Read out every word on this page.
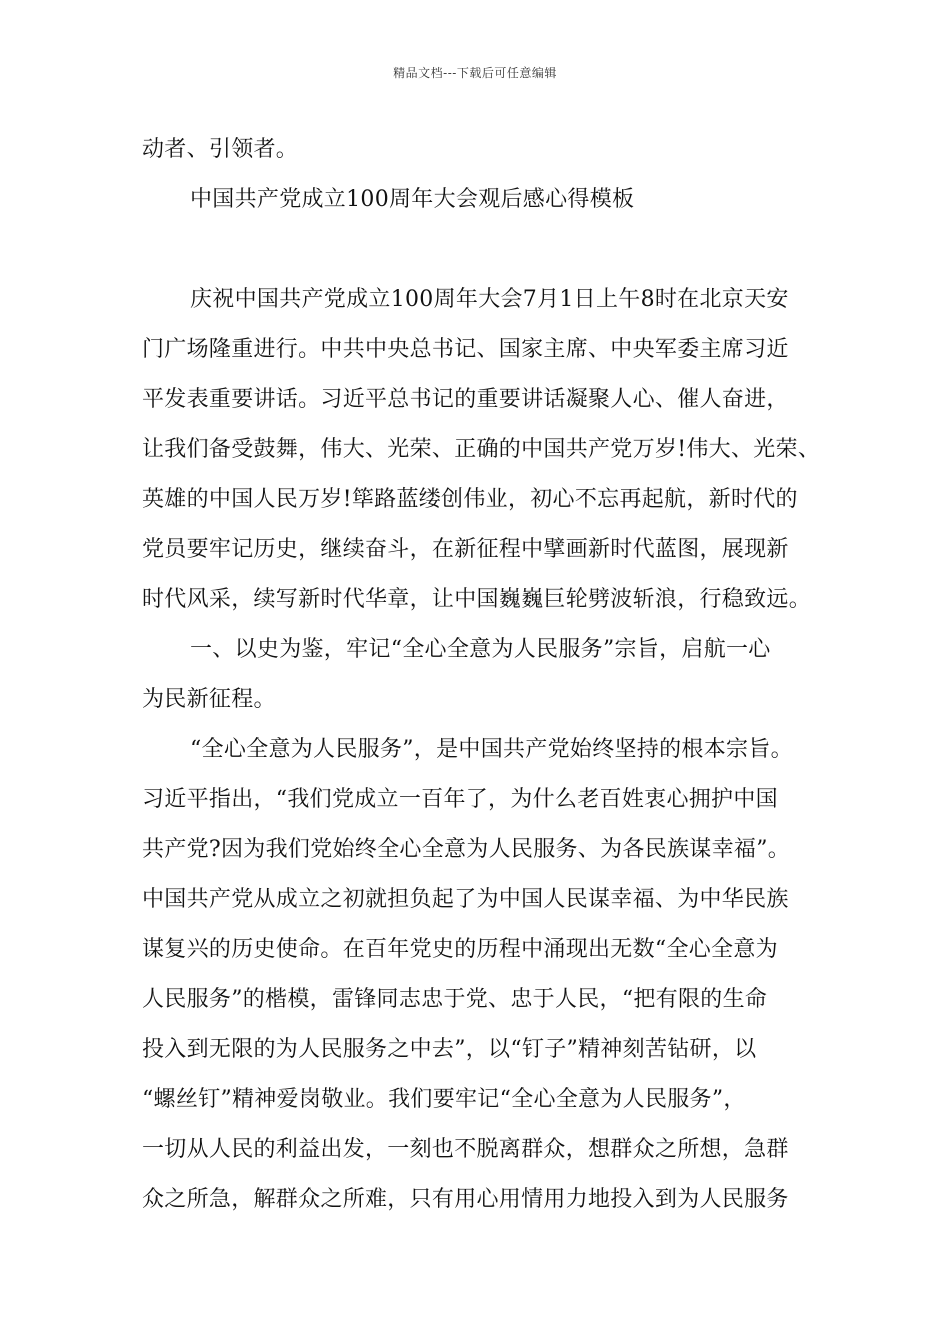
精品文档---下载后可任意编辑
动者、引领者。
中国共产党成立100周年大会观后感心得模板
庆祝中国共产党成立100周年大会7月1日上午8时在北京天安
门广场隆重进行。中共中央总书记、国家主席、中央军委主席习近
平发表重要讲话。习近平总书记的重要讲话凝聚人心、催人奋进，
让我们备受鼓舞，伟大、光荣、正确的中国共产党万岁!伟大、光荣、
英雄的中国人民万岁!筚路蓝缕创伟业，初心不忘再起航，新时代的
党员要牢记历史，继续奋斗，在新征程中擘画新时代蓝图，展现新
时代风采，续写新时代华章，让中国巍巍巨轮劈波斩浪，行稳致远。
一、以史为鉴，牢记“全心全意为人民服务”宗旨，启航一心
为民新征程。
“全心全意为人民服务”，是中国共产党始终坚持的根本宗旨。
习近平指出，“我们党成立一百年了，为什么老百姓衷心拥护中国
共产党?因为我们党始终全心全意为人民服务、为各民族谋幸福”。
中国共产党从成立之初就担负起了为中国人民谋幸福、为中华民族
谋复兴的历史使命。在百年党史的历程中涌现出无数“全心全意为
人民服务”的楷模，雷锋同志忠于党、忠于人民，“把有限的生命
投入到无限的为人民服务之中去”，以“钉子”精神刻苦钻研，以
“螺丝钉”精神爱岗敬业。我们要牢记“全心全意为人民服务”，
一切从人民的利益出发，一刻也不脱离群众，想群众之所想，急群
众之所急，解群众之所难，只有用心用情用力地投入到为人民服务
